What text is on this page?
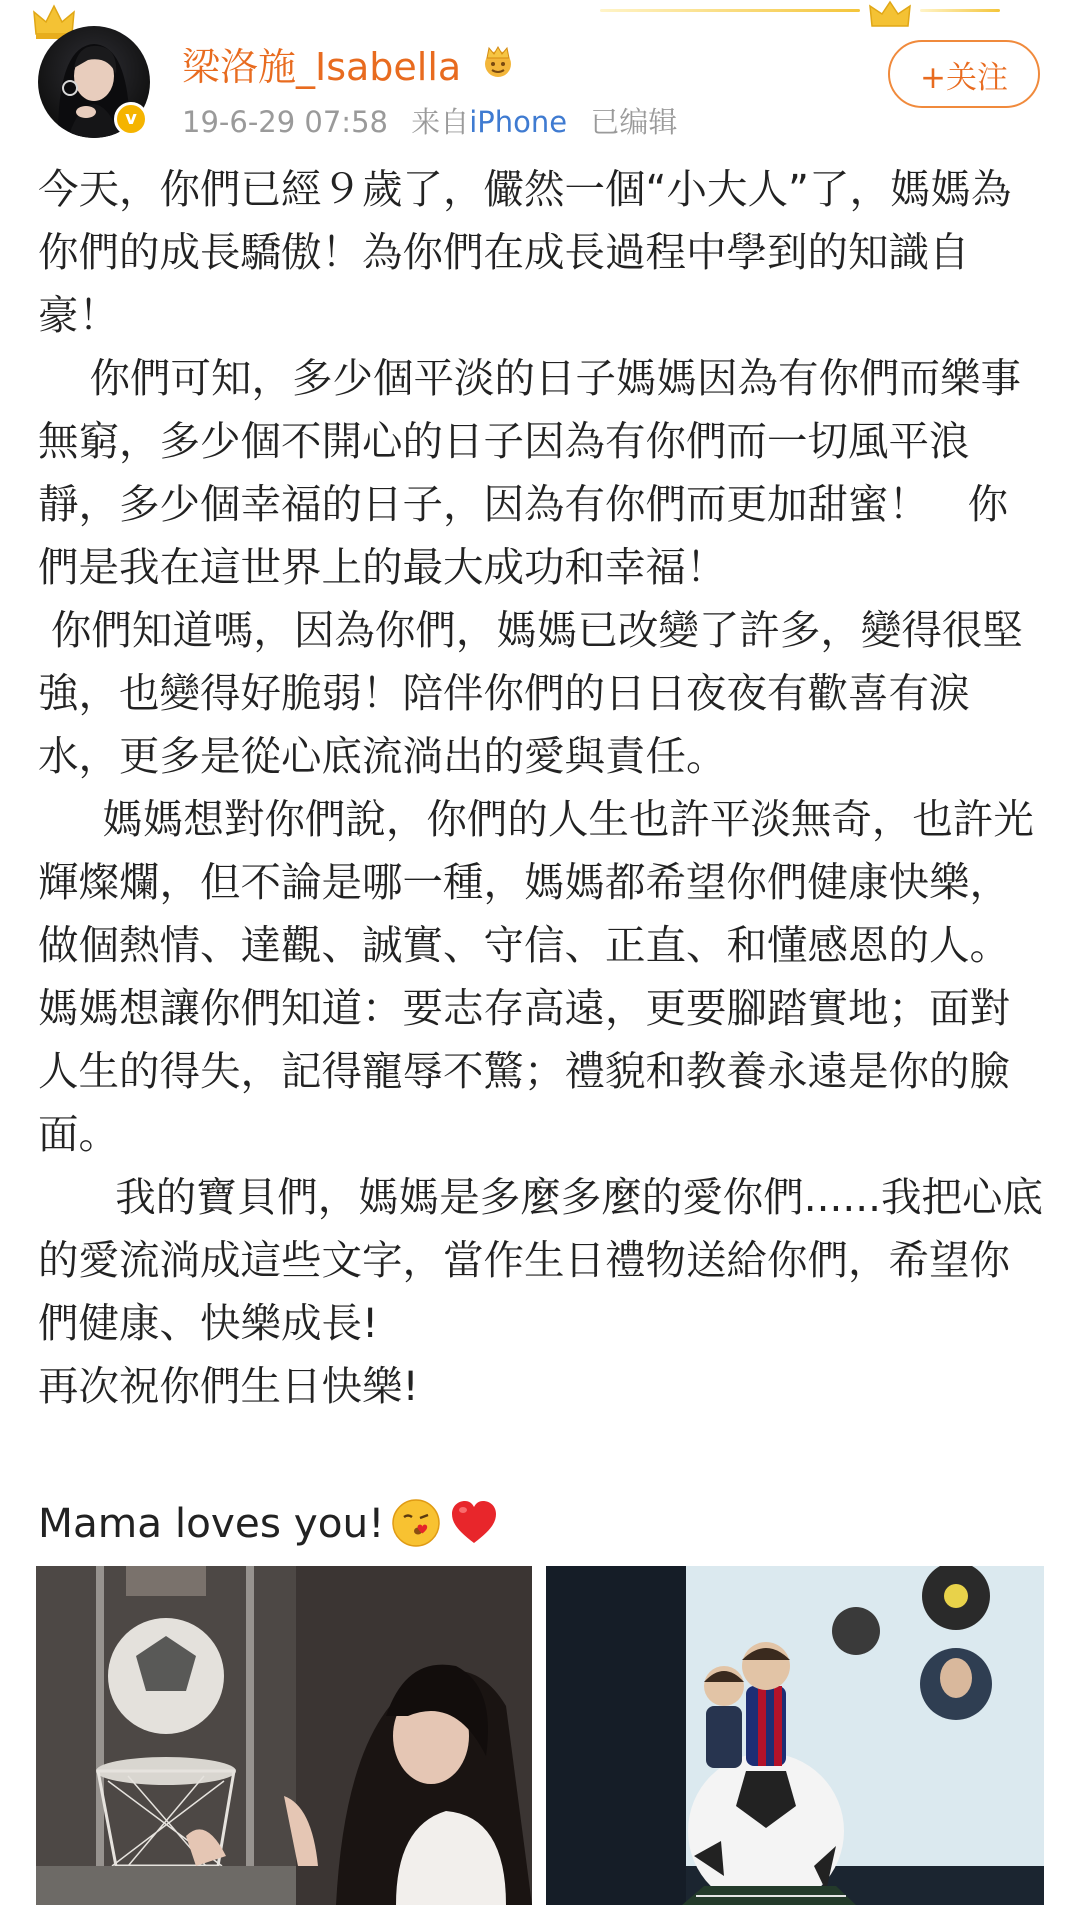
v
梁洛施_Isabella
19-6-29 07:58 来自iPhone 已编辑
+关注

今天，你們已經９歲了，儼然一個“小大人”了，媽媽為你們的成長驕傲！為你們在成長過程中學到的知識自豪！

你們可知，多少個平淡的日子媽媽因為有你們而樂事無窮，多少個不開心的日子因為有你們而一切風平浪靜，多少個幸福的日子，因為有你們而更加甜蜜！   你們是我在這世界上的最大成功和幸福！

你們知道嗎，因為你們，媽媽已改變了許多，變得很堅強，也變得好脆弱！陪伴你們的日日夜夜有歡喜有淚水，更多是從心底流淌出的愛與責任。

媽媽想對你們說，你們的人生也許平淡無奇，也許光輝燦爛，但不論是哪一種，媽媽都希望你們健康快樂，做個熱情、達觀、誠實、守信、正直、和懂感恩的人。媽媽想讓你們知道：要志存高遠，更要腳踏實地；面對人生的得失，記得寵辱不驚；禮貌和教養永遠是你的臉面。

我的寶貝們，媽媽是多麼多麼的愛你們......我把心底的愛流淌成這些文字，當作生日禮物送給你們，希望你們健康、快樂成長!

再次祝你們生日快樂!

Mama loves you!
